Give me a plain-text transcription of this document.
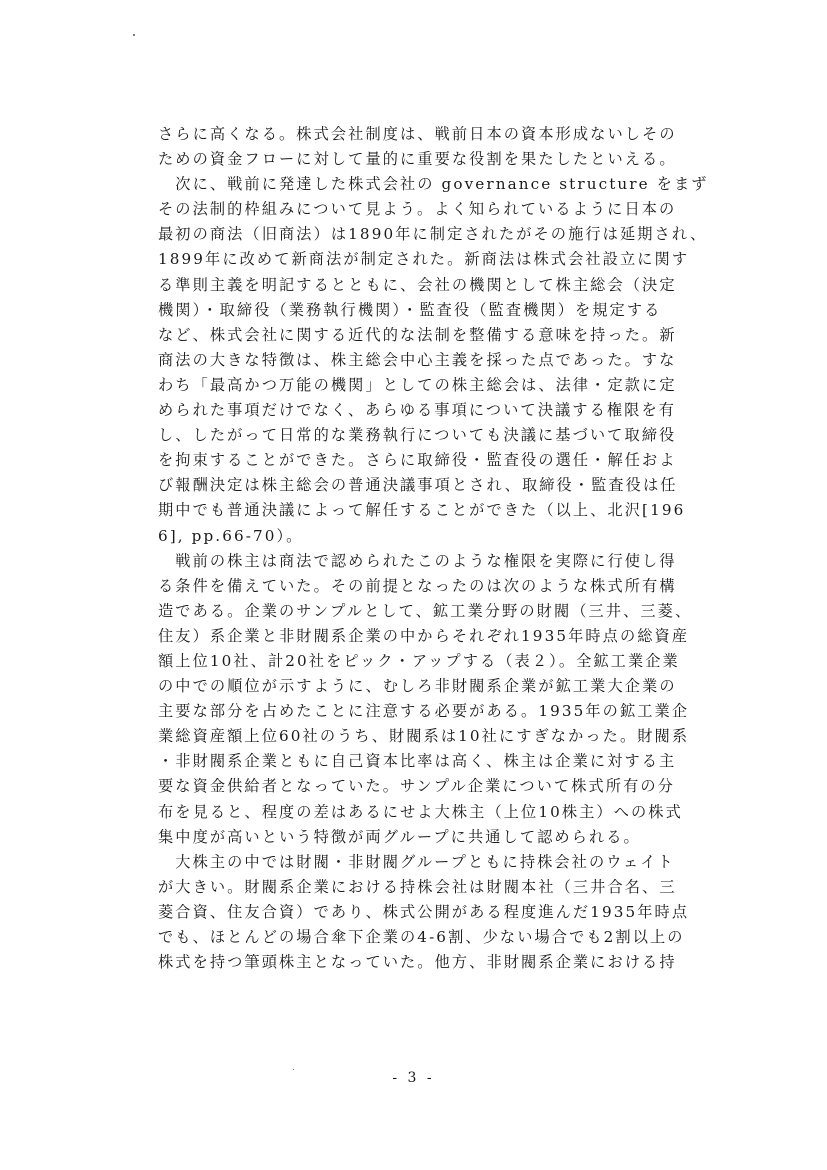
さらに高くなる。株式会社制度は、戦前日本の資本形成ないしその
ための資金フローに対して量的に重要な役割を果たしたといえる。
　次に、戦前に発達した株式会社の governance structure をまず
その法制的枠組みについて見よう。よく知られているように日本の
最初の商法（旧商法）は1890年に制定されたがその施行は延期され、
1899年に改めて新商法が制定された。新商法は株式会社設立に関す
る準則主義を明記するとともに、会社の機関として株主総会（決定
機関）・取締役（業務執行機関）・監査役（監査機関）を規定する
など、株式会社に関する近代的な法制を整備する意味を持った。新
商法の大きな特徴は、株主総会中心主義を採った点であった。すな
わち「最高かつ万能の機関」としての株主総会は、法律・定款に定
められた事項だけでなく、あらゆる事項について決議する権限を有
し、したがって日常的な業務執行についても決議に基づいて取締役
を拘束することができた。さらに取締役・監査役の選任・解任およ
び報酬決定は株主総会の普通決議事項とされ、取締役・監査役は任
期中でも普通決議によって解任することができた（以上、北沢[196
6], pp.66-70）。
　戦前の株主は商法で認められたこのような権限を実際に行使し得
る条件を備えていた。その前提となったのは次のような株式所有構
造である。企業のサンプルとして、鉱工業分野の財閥（三井、三菱、
住友）系企業と非財閥系企業の中からそれぞれ1935年時点の総資産
額上位10社、計20社をピック・アップする（表２）。全鉱工業企業
の中での順位が示すように、むしろ非財閥系企業が鉱工業大企業の
主要な部分を占めたことに注意する必要がある。1935年の鉱工業企
業総資産額上位60社のうち、財閥系は10社にすぎなかった。財閥系
・非財閥系企業ともに自己資本比率は高く、株主は企業に対する主
要な資金供給者となっていた。サンプル企業について株式所有の分
布を見ると、程度の差はあるにせよ大株主（上位10株主）への株式
集中度が高いという特徴が両グループに共通して認められる。
　大株主の中では財閥・非財閥グループともに持株会社のウェイト
が大きい。財閥系企業における持株会社は財閥本社（三井合名、三
菱合資、住友合資）であり、株式公開がある程度進んだ1935年時点
でも、ほとんどの場合傘下企業の4-6割、少ない場合でも2割以上の
株式を持つ筆頭株主となっていた。他方、非財閥系企業における持
- 3 -
